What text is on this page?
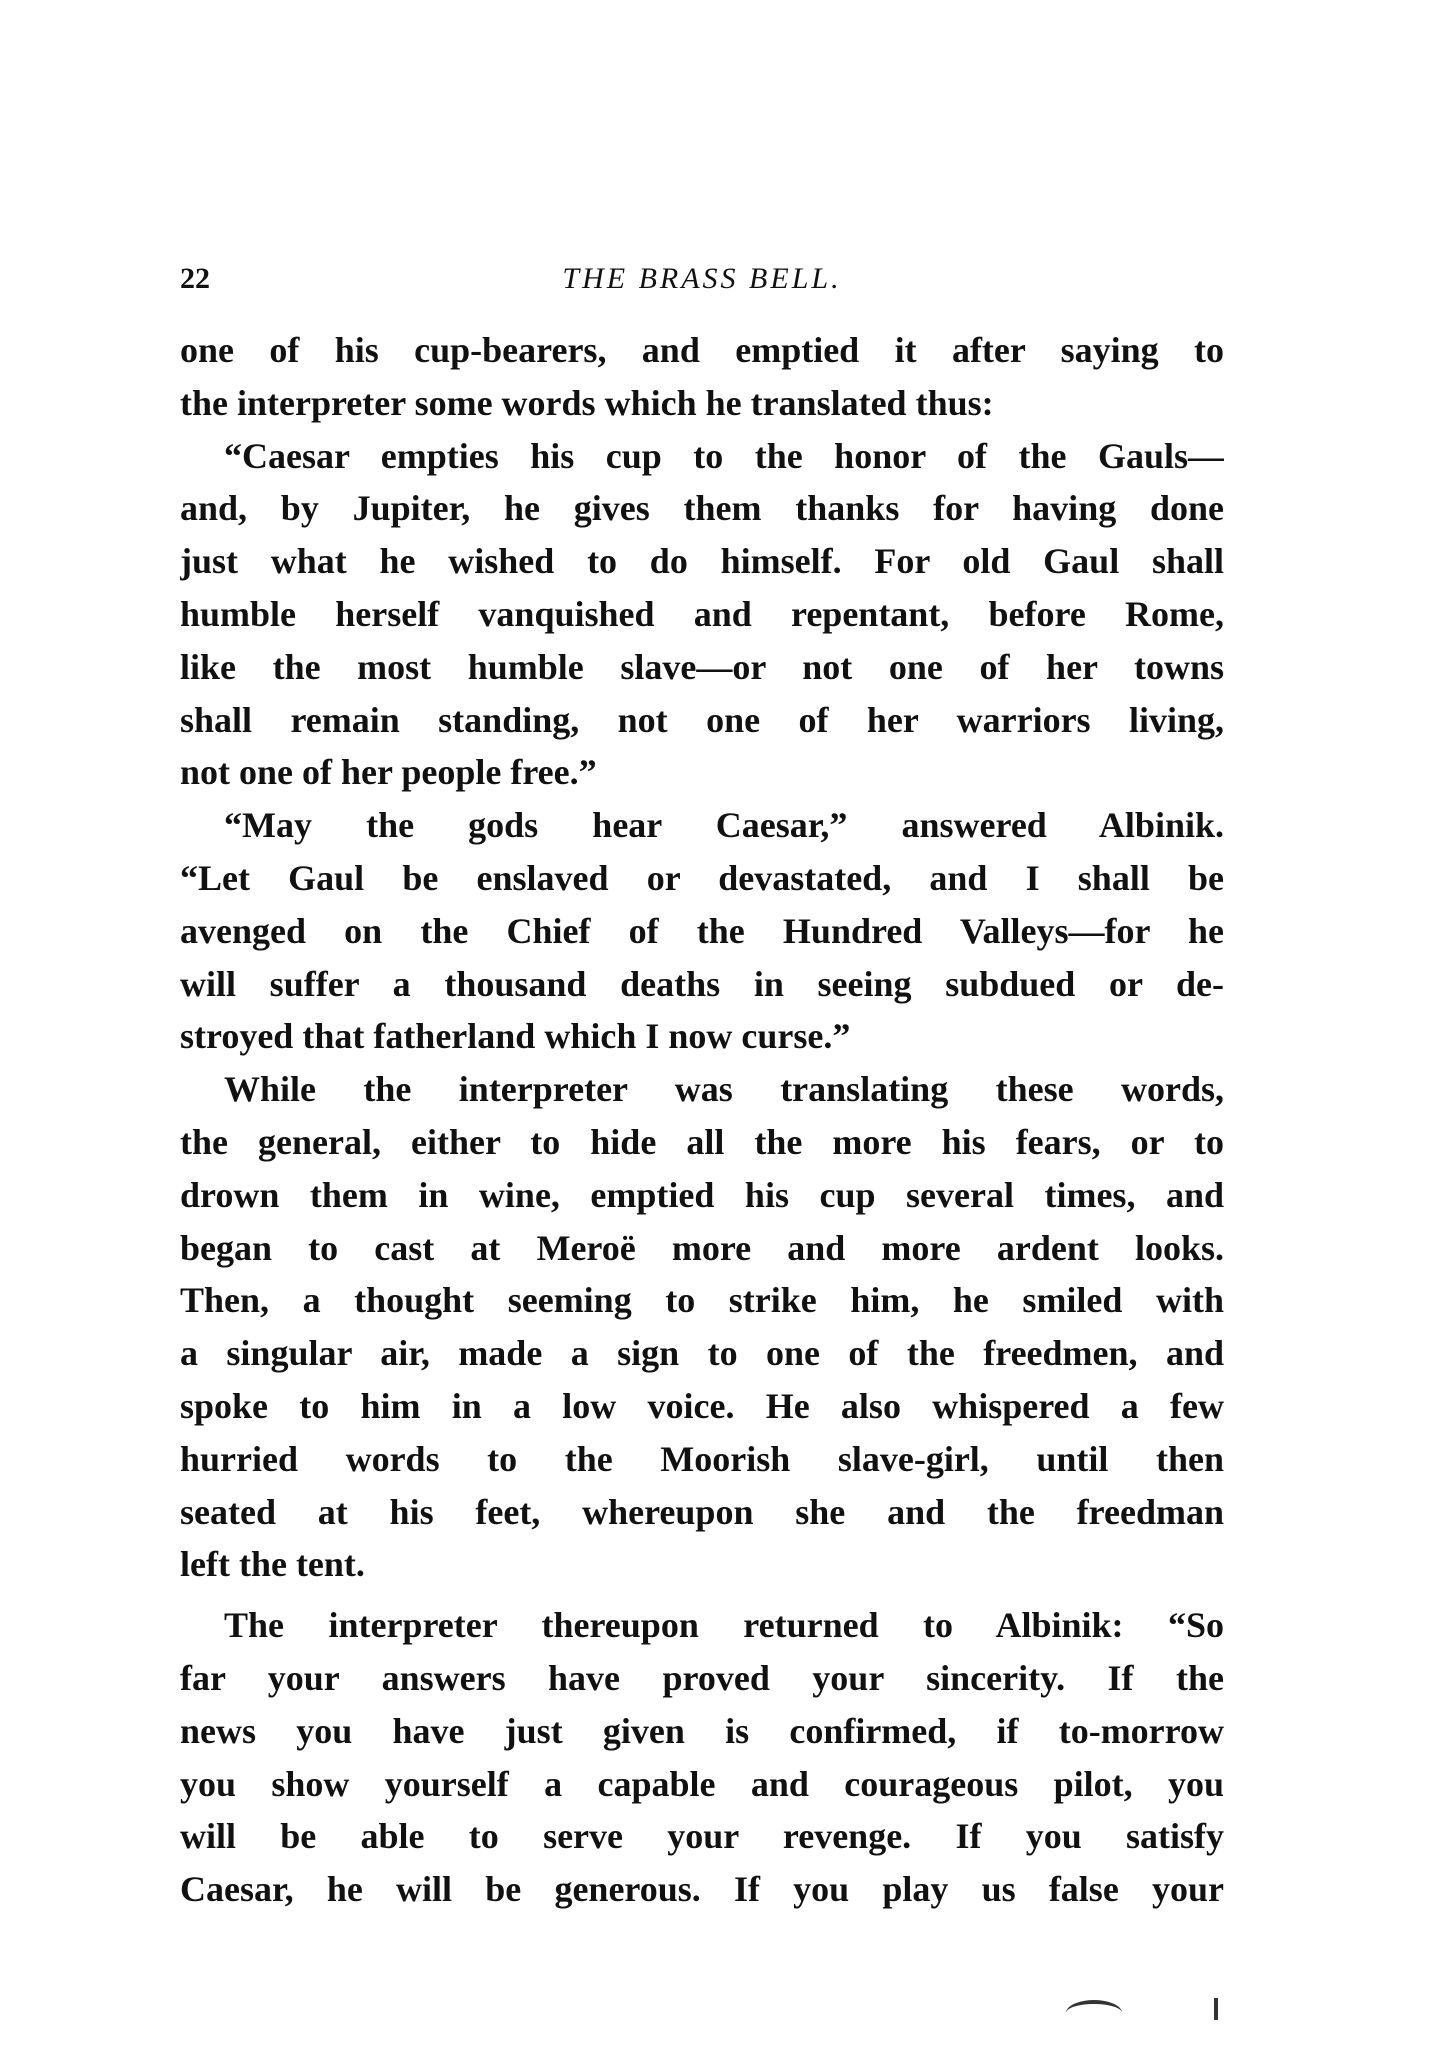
22	THE BRASS BELL.
one of his cup-bearers, and emptied it after saying to
the interpreter some words which he translated thus:
“Caesar empties his cup to the honor of the Gauls—
and, by Jupiter, he gives them thanks for having done
just what he wished to do himself. For old Gaul shall
humble herself vanquished and repentant, before Rome,
like the most humble slave—or not one of her towns
shall remain standing, not one of her warriors living,
not one of her people free.”
“May the gods hear Caesar,” answered Albinik.
“Let Gaul be enslaved or devastated, and I shall be
avenged on the Chief of the Hundred Valleys—for he
will suffer a thousand deaths in seeing subdued or de-
stroyed that fatherland which I now curse.”
While the interpreter was translating these words,
the general, either to hide all the more his fears, or to
drown them in wine, emptied his cup several times, and
began to cast at Meroë more and more ardent looks.
Then, a thought seeming to strike him, he smiled with
a singular air, made a sign to one of the freedmen, and
spoke to him in a low voice. He also whispered a few
hurried words to the Moorish slave-girl, until then
seated at his feet, whereupon she and the freedman
left the tent.
The interpreter thereupon returned to Albinik: “So
far your answers have proved your sincerity. If the
news you have just given is confirmed, if to-morrow
you show yourself a capable and courageous pilot, you
will be able to serve your revenge. If you satisfy
Caesar, he will be generous. If you play us false your
